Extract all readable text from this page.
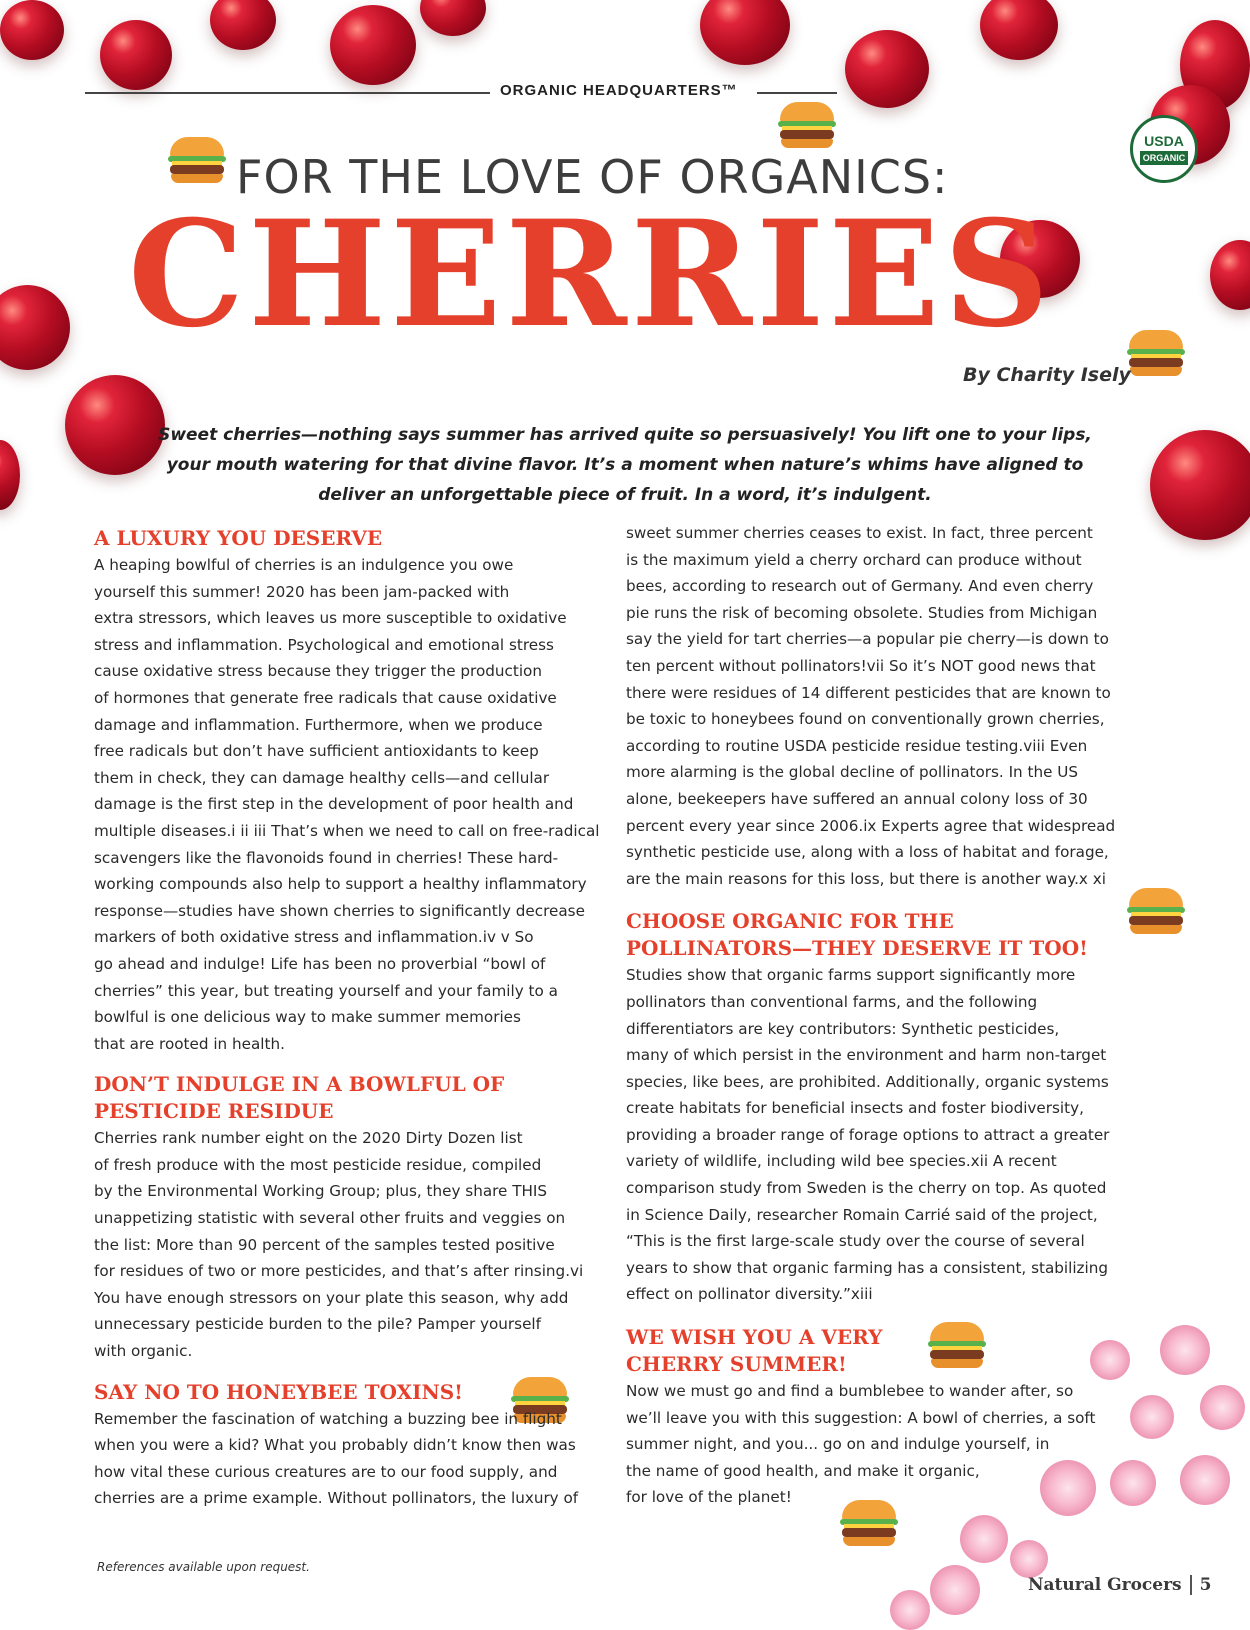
ORGANIC HEADQUARTERS™
USDA
ORGANIC
FOR THE LOVE OF ORGANICS:
CHERRIES
By Charity Isely
Sweet cherries—nothing says summer has arrived quite so persuasively! You lift one to your lips,
your mouth watering for that divine flavor. It’s a moment when nature’s whims have aligned to
deliver an unforgettable piece of fruit. In a word, it’s indulgent.
A LUXURY YOU DESERVE

A heaping bowlful of cherries is an indulgence you owe

yourself this summer! 2020 has been jam-packed with

extra stressors, which leaves us more susceptible to oxidative

stress and inflammation. Psychological and emotional stress

cause oxidative stress because they trigger the production

of hormones that generate free radicals that cause oxidative

damage and inflammation. Furthermore, when we produce

free radicals but don’t have sufficient antioxidants to keep

them in check, they can damage healthy cells—and cellular

damage is the first step in the development of poor health and

multiple diseases.i ii iii That’s when we need to call on free-radical

scavengers like the flavonoids found in cherries! These hard-

working compounds also help to support a healthy inflammatory

response—studies have shown cherries to significantly decrease

markers of both oxidative stress and inflammation.iv v So

go ahead and indulge! Life has been no proverbial “bowl of

cherries” this year, but treating yourself and your family to a

bowlful is one delicious way to make summer memories

that are rooted in health.

DON’T INDULGE IN A BOWLFUL OF
PESTICIDE RESIDUE

Cherries rank number eight on the 2020 Dirty Dozen list

of fresh produce with the most pesticide residue, compiled

by the Environmental Working Group; plus, they share THIS

unappetizing statistic with several other fruits and veggies on

the list: More than 90 percent of the samples tested positive

for residues of two or more pesticides, and that’s after rinsing.vi

You have enough stressors on your plate this season, why add

unnecessary pesticide burden to the pile? Pamper yourself

with organic.

SAY NO TO HONEYBEE TOXINS!

Remember the fascination of watching a buzzing bee in flight

when you were a kid? What you probably didn’t know then was

how vital these curious creatures are to our food supply, and

cherries are a prime example. Without pollinators, the luxury of

References available upon request.

sweet summer cherries ceases to exist. In fact, three percent

is the maximum yield a cherry orchard can produce without

bees, according to research out of Germany. And even cherry

pie runs the risk of becoming obsolete. Studies from Michigan

say the yield for tart cherries—a popular pie cherry—is down to

ten percent without pollinators!vii So it’s NOT good news that

there were residues of 14 different pesticides that are known to

be toxic to honeybees found on conventionally grown cherries,

according to routine USDA pesticide residue testing.viii Even

more alarming is the global decline of pollinators. In the US

alone, beekeepers have suffered an annual colony loss of 30

percent every year since 2006.ix Experts agree that widespread

synthetic pesticide use, along with a loss of habitat and forage,

are the main reasons for this loss, but there is another way.x xi

CHOOSE ORGANIC FOR THE
POLLINATORS—THEY DESERVE IT TOO!

Studies show that organic farms support significantly more

pollinators than conventional farms, and the following

differentiators are key contributors: Synthetic pesticides,

many of which persist in the environment and harm non-target

species, like bees, are prohibited. Additionally, organic systems

create habitats for beneficial insects and foster biodiversity,

providing a broader range of forage options to attract a greater

variety of wildlife, including wild bee species.xii A recent

comparison study from Sweden is the cherry on top. As quoted

in Science Daily, researcher Romain Carrié said of the project,

“This is the first large-scale study over the course of several

years to show that organic farming has a consistent, stabilizing

effect on pollinator diversity.”xiii

WE WISH YOU A VERY
CHERRY SUMMER!

Now we must go and find a bumblebee to wander after, so

we’ll leave you with this suggestion: A bowl of cherries, a soft

summer night, and you... go on and indulge yourself, in

the name of good health, and make it organic,

for love of the planet!

Natural Grocers 5
